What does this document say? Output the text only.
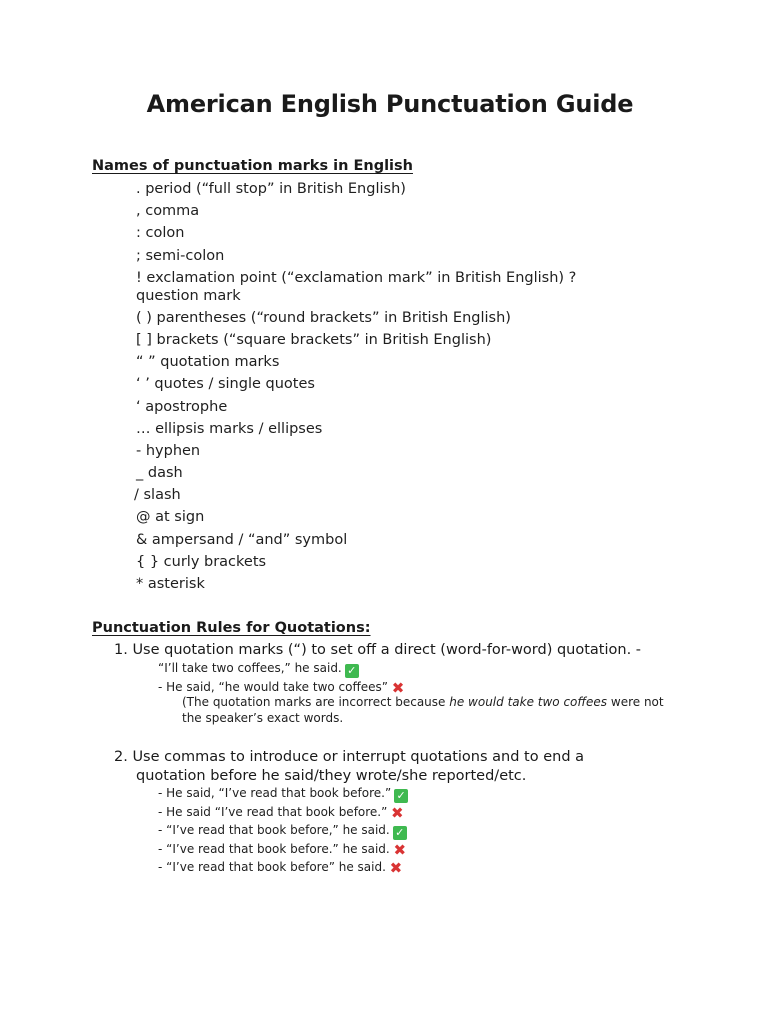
American English Punctuation Guide
Names of punctuation marks in English
. period (“full stop” in British English)
, comma
: colon
; semi-colon
! exclamation point (“exclamation mark” in British English) ? question mark
( ) parentheses (“round brackets” in British English)
[ ] brackets (“square brackets” in British English)
“ ” quotation marks
‘ ’ quotes / single quotes
‘ apostrophe
… ellipsis marks / ellipses
- hyphen
_ dash
/ slash
@ at sign
& ampersand / “and” symbol
{ } curly brackets
* asterisk
Punctuation Rules for Quotations:
1. Use quotation marks (“) to set off a direct (word-for-word) quotation. -
“I’ll take two coffees,” he said. ✓
- He said, “he would take two coffees” ✖
(The quotation marks are incorrect because he would take two coffees were not the speaker’s exact words.
2. Use commas to introduce or interrupt quotations and to end a
quotation before he said/they wrote/she reported/etc.
- He said, “I’ve read that book before.” ✓
- He said “I’ve read that book before.” ✖
- “I’ve read that book before,” he said. ✓
- “I’ve read that book before.” he said. ✖
- “I’ve read that book before” he said. ✖
